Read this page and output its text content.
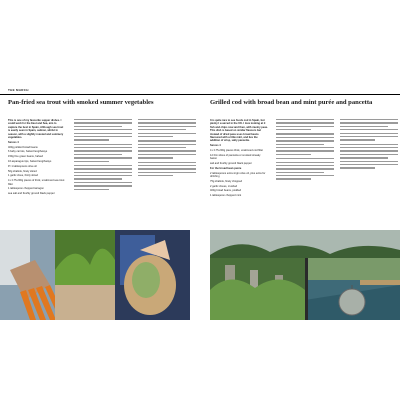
THE MARCH
Pan-fried sea trout with smoked summer vegetables

This is one of my favourite supper dishes. I could work for the East and Sea, aim to capture the best in Spain, Although sea trout is easily seen in Spain, salmon, whilst in season, with a slightly roasted and summery vegetables.

Serves 4

400g pickled broad beans

6 baby carrots, halved lengthways

150g fine green beans, halved

16 asparagus tips, halved lengthways

Pr 1 tablespoons olive oil

50g shallots, finely sliced

1 garlic clove, thinly sliced

4 x 175-200g pieces of thick, unskinned sea trout fillet

1 tablespoon chopped tarragon

sea salt and freshly ground black pepper

Grilled cod with broad bean and mint purée and pancetta

It is quite rare to see foods cod in Spain, but plenty I sourced in the UK. I love looking at it fish and chips now and then, with mushy peas. This dish is based on similar flavours but instead of dried peas uses broad beans flavoured with a little mint, and lies the addition of crisp, salty pancetta.

Serves 4

4 x 175-200g pieces thick, unskinned cod fillet

12 thin slices of pancetta or smoked streaky bacon

salt and freshly ground black pepper

For the broad bean purée

2 tablespoons extra virgin olive oil, plus extra for drizzling

75g shallots, finely chopped

2 garlic cloves, crushed

400g broad beans, podded

1 tablespoon chopped mint
